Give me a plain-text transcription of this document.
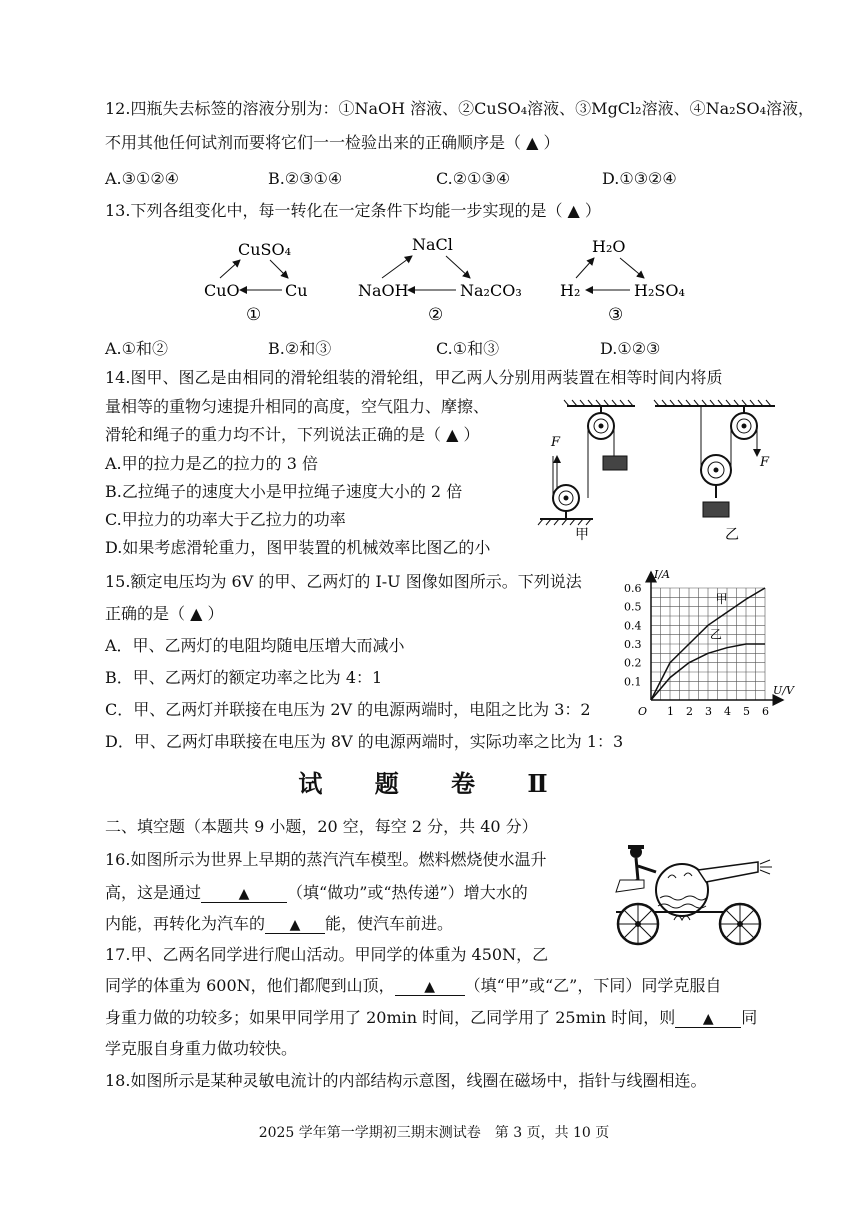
12.四瓶失去标签的溶液分别为：①NaOH 溶液、②CuSO₄溶液、③MgCl₂溶液、④Na₂SO₄溶液，
不用其他任何试剂而要将它们一一检验出来的正确顺序是（ ▲ ）
A.③①②④	B.②③①④	C.②①③④	D.①③②④
13.下列各组变化中，每一转化在一定条件下均能一步实现的是（ ▲ ）
CuSO₄
CuO	Cu
①
NaCl
NaOH	Na₂CO₃
②
H₂O
H₂	H₂SO₄
③
A.①和②	B.②和③	C.①和③	D.①②③
14.图甲、图乙是由相同的滑轮组装的滑轮组，甲乙两人分别用两装置在相等时间内将质
量相等的重物匀速提升相同的高度，空气阻力、摩擦、
滑轮和绳子的重力均不计，下列说法正确的是（ ▲ ）
A.甲的拉力是乙的拉力的 3 倍
B.乙拉绳子的速度大小是甲拉绳子速度大小的 2 倍
C.甲拉力的功率大于乙拉力的功率
D.如果考虑滑轮重力，图甲装置的机械效率比图乙的小
F
甲
F
乙
15.额定电压均为 6V 的甲、乙两灯的 I-U 图像如图所示。下列说法
正确的是（ ▲ ）
A．甲、乙两灯的电阻均随电压增大而减小
B．甲、乙两灯的额定功率之比为 4：1
C．甲、乙两灯并联接在电压为 2V 的电源两端时，电阻之比为 3：2
D．甲、乙两灯串联接在电压为 8V 的电源两端时，实际功率之比为 1：3
1 2 3 4 5 6
0.1
0.2
0.3
0.4
0.5
0.6
O
U/V
I/A
甲
乙
试 题 卷 Ⅱ
二、填空题（本题共 9 小题，20 空，每空 2 分，共 40 分）
16.如图所示为世界上早期的蒸汽汽车模型。燃料燃烧使水温升
高，这是通过	▲ （填“做功”或“热传递”）增大水的
内能，再转化为汽车的 ▲ 能，使汽车前进。
17.甲、乙两名同学进行爬山活动。甲同学的体重为 450N，乙
同学的体重为 600N，他们都爬到山顶， ▲ （填“甲”或“乙”，下同）同学克服自
身重力做的功较多；如果甲同学用了 20min 时间，乙同学用了 25min 时间，则 ▲ 同
学克服自身重力做功较快。
18.如图所示是某种灵敏电流计的内部结构示意图，线圈在磁场中，指针与线圈相连。
2025 学年第一学期初三期末测试卷　第 3 页，共 10 页
